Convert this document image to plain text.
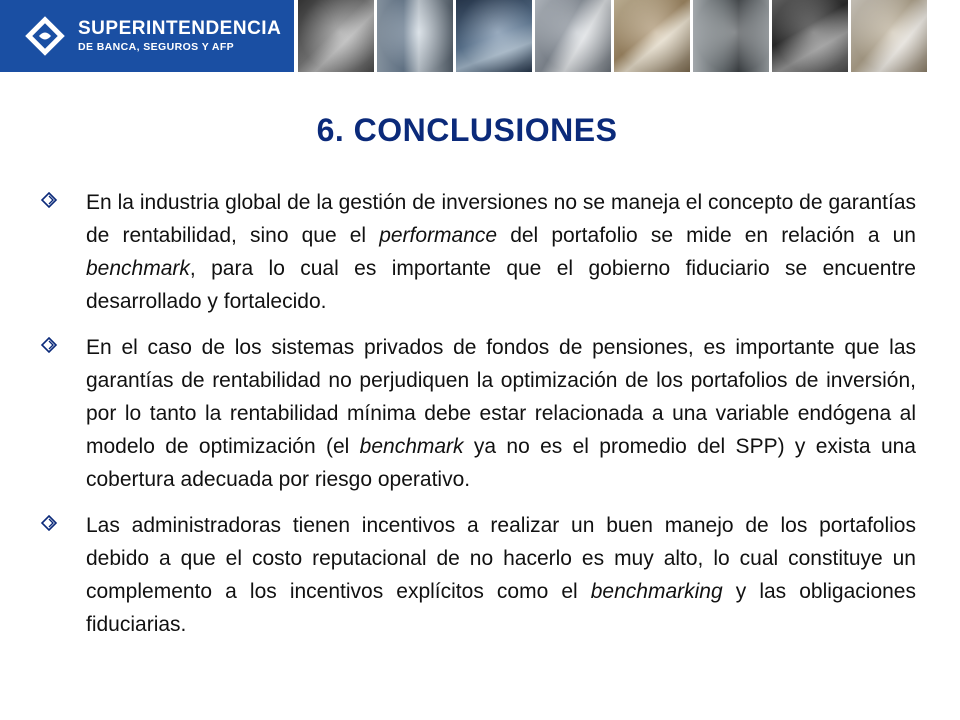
SUPERINTENDENCIA
DE BANCA, SEGUROS Y AFP
6. CONCLUSIONES
En la industria global de la gestión de inversiones no se maneja el concepto de garantías de rentabilidad, sino que el performance del portafolio se mide en relación a un benchmark, para lo cual es importante que el gobierno fiduciario se encuentre desarrollado y fortalecido.
En el caso de los sistemas privados de fondos de pensiones, es importante que las garantías de rentabilidad no perjudiquen la optimización de los portafolios de inversión, por lo tanto la rentabilidad mínima debe estar relacionada a una variable endógena al modelo de optimización (el benchmark ya no es el promedio del SPP) y exista una cobertura adecuada por riesgo operativo.
Las administradoras tienen incentivos a realizar un buen manejo de los portafolios debido a que el costo reputacional de no hacerlo es muy alto, lo cual constituye un complemento a los incentivos explícitos como el benchmarking y las obligaciones fiduciarias.
